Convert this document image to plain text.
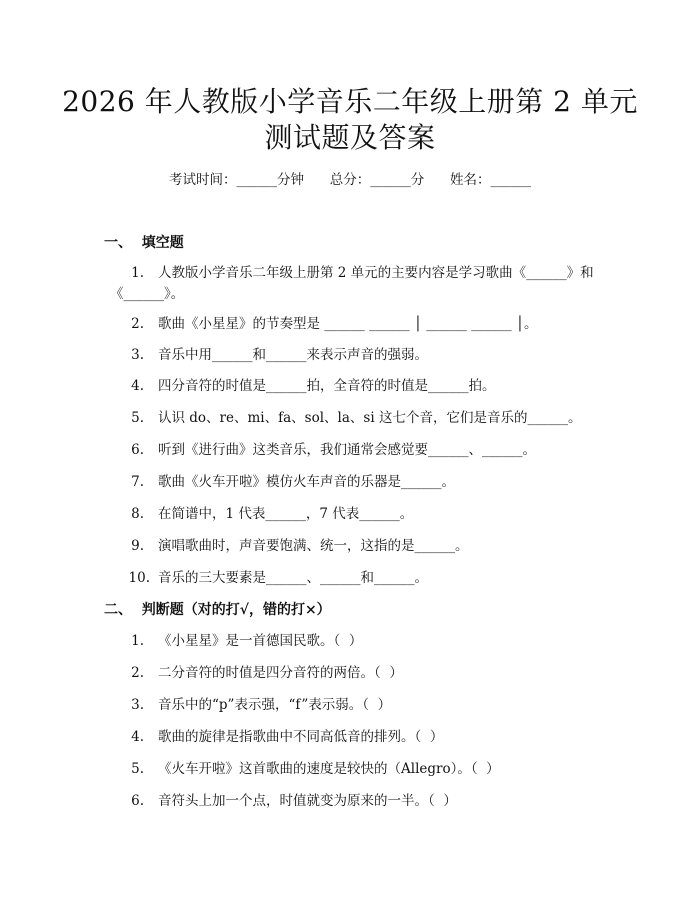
2026 年人教版小学音乐二年级上册第 2 单元
测试题及答案
考试时间：______分钟      总分：______分      姓名：______
一、  填空题
1. 人教版小学音乐二年级上册第 2 单元的主要内容是学习歌曲《______》和
《______》。
2. 歌曲《小星星》的节奏型是 ______ ______ │ ______ ______ │。
3. 音乐中用______和______来表示声音的强弱。
4. 四分音符的时值是______拍，全音符的时值是______拍。
5. 认识 do、re、mi、fa、sol、la、si 这七个音，它们是音乐的______。
6. 听到《进行曲》这类音乐，我们通常会感觉要______、______。
7. 歌曲《火车开啦》模仿火车声音的乐器是______。
8. 在简谱中，1 代表______，7 代表______。
9. 演唱歌曲时，声音要饱满、统一，这指的是______。
10. 音乐的三大要素是______、______和______。
二、  判断题（对的打√，错的打×）
1. 《小星星》是一首德国民歌。（  ）
2. 二分音符的时值是四分音符的两倍。（  ）
3. 音乐中的“p”表示强，“f”表示弱。（  ）
4. 歌曲的旋律是指歌曲中不同高低音的排列。（  ）
5. 《火车开啦》这首歌曲的速度是较快的（Allegro）。（  ）
6. 音符头上加一个点，时值就变为原来的一半。（  ）
